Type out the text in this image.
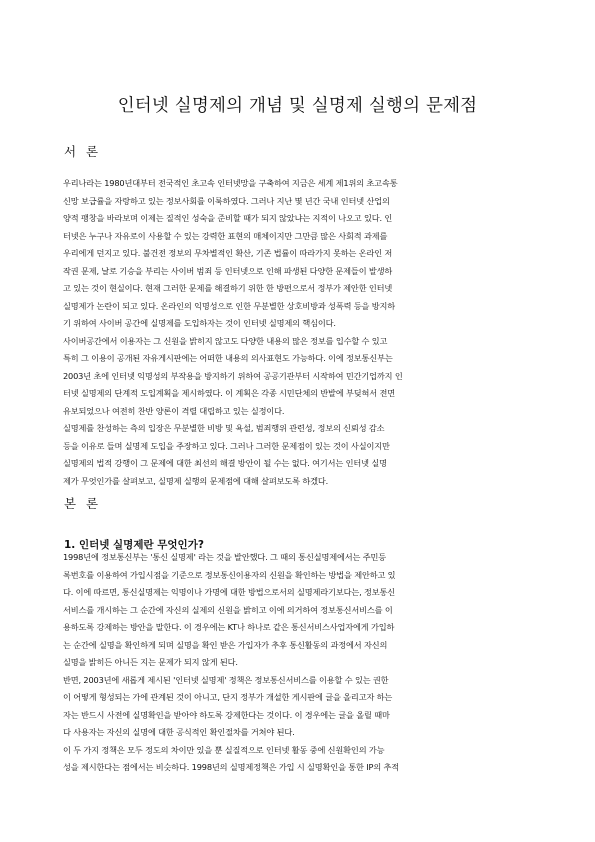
인터넷 실명제의 개념 및 실명제 실행의 문제점
서 론
우리나라는 1980년대부터 전국적인 초고속 인터넷망을 구축하여 지금은 세계 제1위의 초고속통
신망 보급률을 자랑하고 있는 정보사회를 이룩하였다. 그러나 지난 몇 년간 국내 인터넷 산업의
양적 팽창을 바라보며 이제는 질적인 성숙을 준비할 때가 되지 않았냐는 지적이 나오고 있다. 인
터넷은 누구나 자유로이 사용할 수 있는 강력한 표현의 매체이지만 그만큼 많은 사회적 과제를
우리에게 던지고 있다. 불건전 정보의 무차별적인 확산, 기존 법률이 따라가지 못하는 온라인 저
작권 문제, 날로 기승을 부리는 사이버 범죄 등 인터넷으로 인해 파생된 다양한 문제들이 발생하
고 있는 것이 현실이다. 현재 그러한 문제를 해결하기 위한 한 방편으로서 정부가 제안한 인터넷
실명제가 논란이 되고 있다. 온라인의 익명성으로 인한 무분별한 상호비방과 성폭력 등을 방지하
기 위하여 사이버 공간에 실명제를 도입하자는 것이 인터넷 실명제의 핵심이다.
사이버공간에서 이용자는 그 신원을 밝히지 않고도 다양한 내용의 많은 정보를 입수할 수 있고
특히 그 이용이 공개된 자유게시판에는 어떠한 내용의 의사표현도 가능하다. 이에 정보통신부는
2003년 초에 인터넷 익명성의 부작용을 방지하기 위하여 공공기관부터 시작하여 민간기업까지 인
터넷 실명제의 단계적 도입계획을 제시하였다. 이 계획은 각종 시민단체의 반발에 부딪혀서 전면
유보되었으나 여전히 찬반 양론이 격렬 대립하고 있는 실정이다.
실명제를 찬성하는 측의 입장은 무분별한 비방 및 욕설, 범죄행위 관련성, 정보의 신뢰성 감소
등을 이유로 들며 실명제 도입을 주장하고 있다. 그러나 그러한 문제점이 있는 것이 사실이지만
실명제의 법적 강행이 그 문제에 대한 최선의 해결 방안이 될 수는 없다. 여기서는 인터넷 실명
제가 무엇인가를 살펴보고, 실명제 실행의 문제점에 대해 살펴보도록 하겠다.
본 론
1. 인터넷 실명제란 무엇인가?
1998년에 정보통신부는 '통신 실명제' 라는 것을 발안했다. 그 때의 통신실명제에서는 주민등
록번호를 이용하여 가입시점을 기준으로 정보통신이용자의 신원을 확인하는 방법을 제안하고 있
다. 이에 따르면, 통신실명제는 익명이나 가명에 대한 방법으로서의 실명제라기보다는, 정보통신
서비스를 개시하는 그 순간에 자신의 실제의 신원을 밝히고 이에 의거하여 정보통신서비스를 이
용하도록 강제하는 방안을 말한다. 이 경우에는 KT나 하나로 같은 통신서비스사업자에게 가입하
는 순간에 실명을 확인하게 되며 실명을 확인 받은 가입자가 추후 통신활동의 과정에서 자신의
실명을 밝히든 아니든 지는 문제가 되지 않게 된다.
반면, 2003년에 새롭게 제시된 '인터넷 실명제' 정책은 정보통신서비스를 이용할 수 있는 권한
이 어떻게 형성되는 가에 관계된 것이 아니고, 단지 정부가 개설한 게시판에 글을 올리고자 하는
자는 반드시 사전에 실명확인을 받아야 하도록 강제한다는 것이다. 이 경우에는 글을 올릴 때마
다 사용자는 자신의 실명에 대한 공식적인 확인절차를 거쳐야 된다.
이 두 가지 정책은 모두 정도의 차이만 있을 뿐 실질적으로 인터넷 활동 중에 신원확인의 가능
성을 제시한다는 점에서는 비슷하다. 1998년의 실명제정책은 가입 시 실명확인을 통한 IP의 추적
